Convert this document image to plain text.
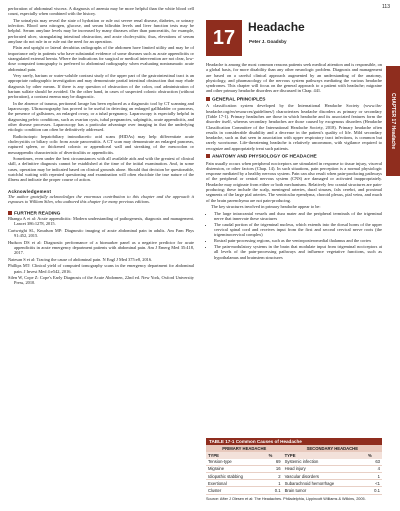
113

perforation of abdominal viscera. A diagnosis of anemia may be more helpful than the white blood cell count, especially when combined with the history.

The urinalysis may reveal the state of hydration or rule out severe renal disease, diabetes, or urinary infection. Blood urea nitrogen, glucose, and serum bilirubin levels and liver function tests may be helpful. Serum amylase levels may be increased by many diseases other than pancreatitis, for example, perforated ulcer, strangulating intestinal obstruction, and acute cholecystitis; thus, elevations of serum amylase do not rule in or rule out the need for an operation.

Plain and upright or lateral decubitus radiographs of the abdomen have limited utility and may be of importance only in patients who have substantial evidence of some diseases such as acute appendicitis or strangulated external hernia. Where the indications for surgical or medical intervention are not clear, low-dose computed tomography is preferred to abdominal radiography when evaluating nontraumatic acute abdominal pain.

Very rarely, barium or water-soluble contrast study of the upper part of the gastrointestinal tract is an appropriate radiographic investigation and may demonstrate partial intestinal obstruction that may elude diagnosis by other means. If there is any question of obstruction of the colon, oral administration of barium sulfate should be avoided. On the other hand, in cases of suspected colonic obstruction (without perforation), a contrast enema may be diagnostic.

In the absence of trauma, peritoneal lavage has been replaced as a diagnostic tool by CT scanning and laparoscopy. Ultrasonography has proved to be useful in detecting an enlarged gallbladder or pancreas, the presence of gallstones, an enlarged ovary, or a tubal pregnancy. Laparoscopy is especially helpful in diagnosing pelvic conditions, such as ovarian cysts, tubal pregnancies, salpingitis, acute appendicitis, and other disease processes. Laparoscopy has a particular advantage over imaging in that the underlying etiologic condition can often be definitively addressed.

Radioisotopic hepatobiliary iminodiacetic acid scans (HIDAs) may help differentiate acute cholecystitis or biliary colic from acute pancreatitis. A CT scan may demonstrate an enlarged pancreas, ruptured spleen, or thickened colonic or appendiceal wall and streaking of the mesocolon or mesoappendix characteristic of diverticulitis or appendicitis.

Sometimes, even under the best circumstances with all available aids and with the greatest of clinical skill, a definitive diagnosis cannot be established at the time of the initial examination. And, in some cases, operation may be indicated based on clinical grounds alone. Should that decision be questionable, watchful waiting with repeated questioning and examination will often elucidate the true nature of the illness and indicate the proper course of action.

Acknowledgement

The author gratefully acknowledges the enormous contribution to this chapter and the approach it espouses to William Silen, who authored this chapter for many previous editions.

FURTHER READING

Bhangu A et al: Acute appendicitis: Modern understanding of pathogenesis, diagnosis and management. Lancet 386:1278, 2015.

Cartwright SL, Knudson MP: Diagnostic imaging of acute abdominal pain in adults. Am Fam Phys 91:452, 2015.

Hudson DS et al: Diagnostic performance of a biomarker panel as a negative predictor for acute appendicitis in acute emergency department patients with abdominal pain. Am J Emerg Med 35:418, 2017.

Natesan S et al: Tracing the cause of abdominal pain. N Engl J Med 375:e8, 2016.

Phillips MT: Clinical yield of computed tomography scans in the emergency department for abdominal pain. J Invest Med 4:e542, 2016.

Silen W, Cope Z: Cope's Early Diagnosis of the Acute Abdomen, 22nd ed. New York, Oxford University Press, 2010.

17	Headache
Peter J. Goadsby
CHAPTER 17 Headache

Headache is among the most common reasons patients seek medical attention and is responsible, on a global basis, for more disability than any other neurologic problem. Diagnosis and management are based on a careful clinical approach augmented by an understanding of the anatomy, physiology, and pharmacology of the nervous system pathways mediating the various headache syndromes. This chapter will focus on the general approach to a patient with headache; migraine and other primary headache disorders are discussed in Chap. 441.

GENERAL PRINCIPLES

A classification system developed by the International Headache Society (www.ihs-headache.org/en/resources/guidelines/) characterizes headache disorders as primary or secondary (Table 17-1). Primary headaches are those in which headache and its associated features form the disorder itself, whereas secondary headaches are those caused by exogenous disorders (Headache Classification Committee of the International Headache Society, 2018). Primary headache often results in considerable disability and a decrease in the patient's quality of life. Mild secondary headache, such as that seen in association with upper respiratory tract infections, is common but rarely worrisome. Life-threatening headache is relatively uncommon, with vigilance required to recognize and appropriately treat such patients.

ANATOMY AND PHYSIOLOGY OF HEADACHE

Pain usually occurs when peripheral nociceptors are stimulated in response to tissue injury, visceral distension, or other factors (Chap. 14). In such situations, pain perception is a normal physiologic response mediated by a healthy nervous system. Pain can also result when pain-producing pathways of the peripheral or central nervous system (CNS) are damaged or activated inappropriately. Headache may originate from either or both mechanisms. Relatively few cranial structures are pain-producing; these include the scalp, meningeal arteries, dural sinuses, falx cerebri, and proximal segments of the large pial arteries. The ventricular ependyma, choroid plexus, pial veins, and much of the brain parenchyma are not pain-producing.

The key structures involved in primary headache appear to be:

• The large intracranial vessels and dura mater and the peripheral terminals of the trigeminal nerve that innervate these structures
• The caudal portion of the trigeminal nucleus, which extends into the dorsal horns of the upper cervical spinal cord and receives input from the first and second cervical nerve roots (the trigeminocervical complex)
• Rostral pain-processing regions, such as the ventroposteromedial thalamus and the cortex
• The pain-modulatory systems in the brain that modulate input from trigeminal nociceptors at all levels of the pain-processing pathways and influence vegetative functions, such as hypothalamus and brainstem structures
TABLE 17-1 Common Causes of Headache
PRIMARY HEADACHE		SECONDARY HEADACHE	
TYPE	%	TYPE	%
Tension-type	69	Systemic infection	63
Migraine	16	Head injury	4
Idiopathic stabbing	2	Vascular disorders	1
Exertional	1	Subarachnoid hemorrhage	<1
Cluster	0.1	Brain tumor	0.1
Source: After J Olesen et al: The Headaches. Philadelphia, Lippincott Williams & Wilkins, 2005.
